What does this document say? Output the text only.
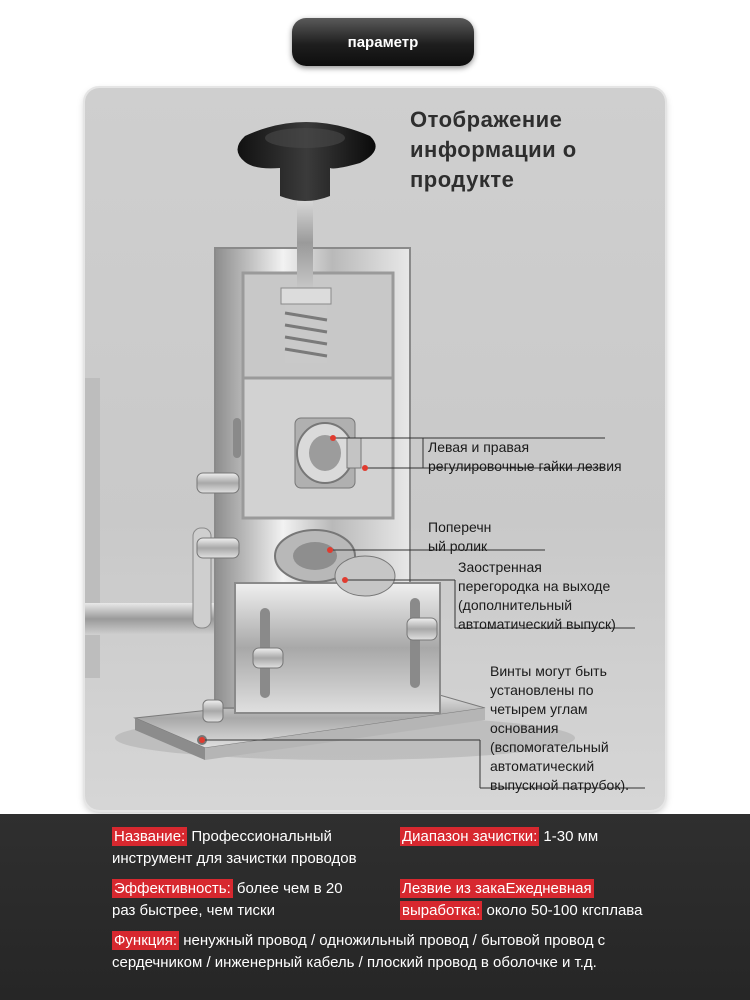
параметр
Отображение
информации о
продукте
Левая и правая
регулировочные гайки лезвия
Поперечн
ый ролик
Заостренная
перегородка на выходе
(дополнительный
автоматический выпуск)
Винты могут быть
установлены по
четырем углам
основания
(вспомогательный
автоматический
выпускной патрубок).
Название: Профессиональный
инструмент для зачистки проводов
Диапазон зачистки: 1-30 мм
Эффективность: более чем в 20
раз быстрее, чем тиски
Лезвие из закаЕжедневная
выработка: около 50-100 кгсплава
Функция: ненужный провод / одножильный провод / бытовой провод с
сердечником / инженерный кабель / плоский провод в оболочке и т.д.
